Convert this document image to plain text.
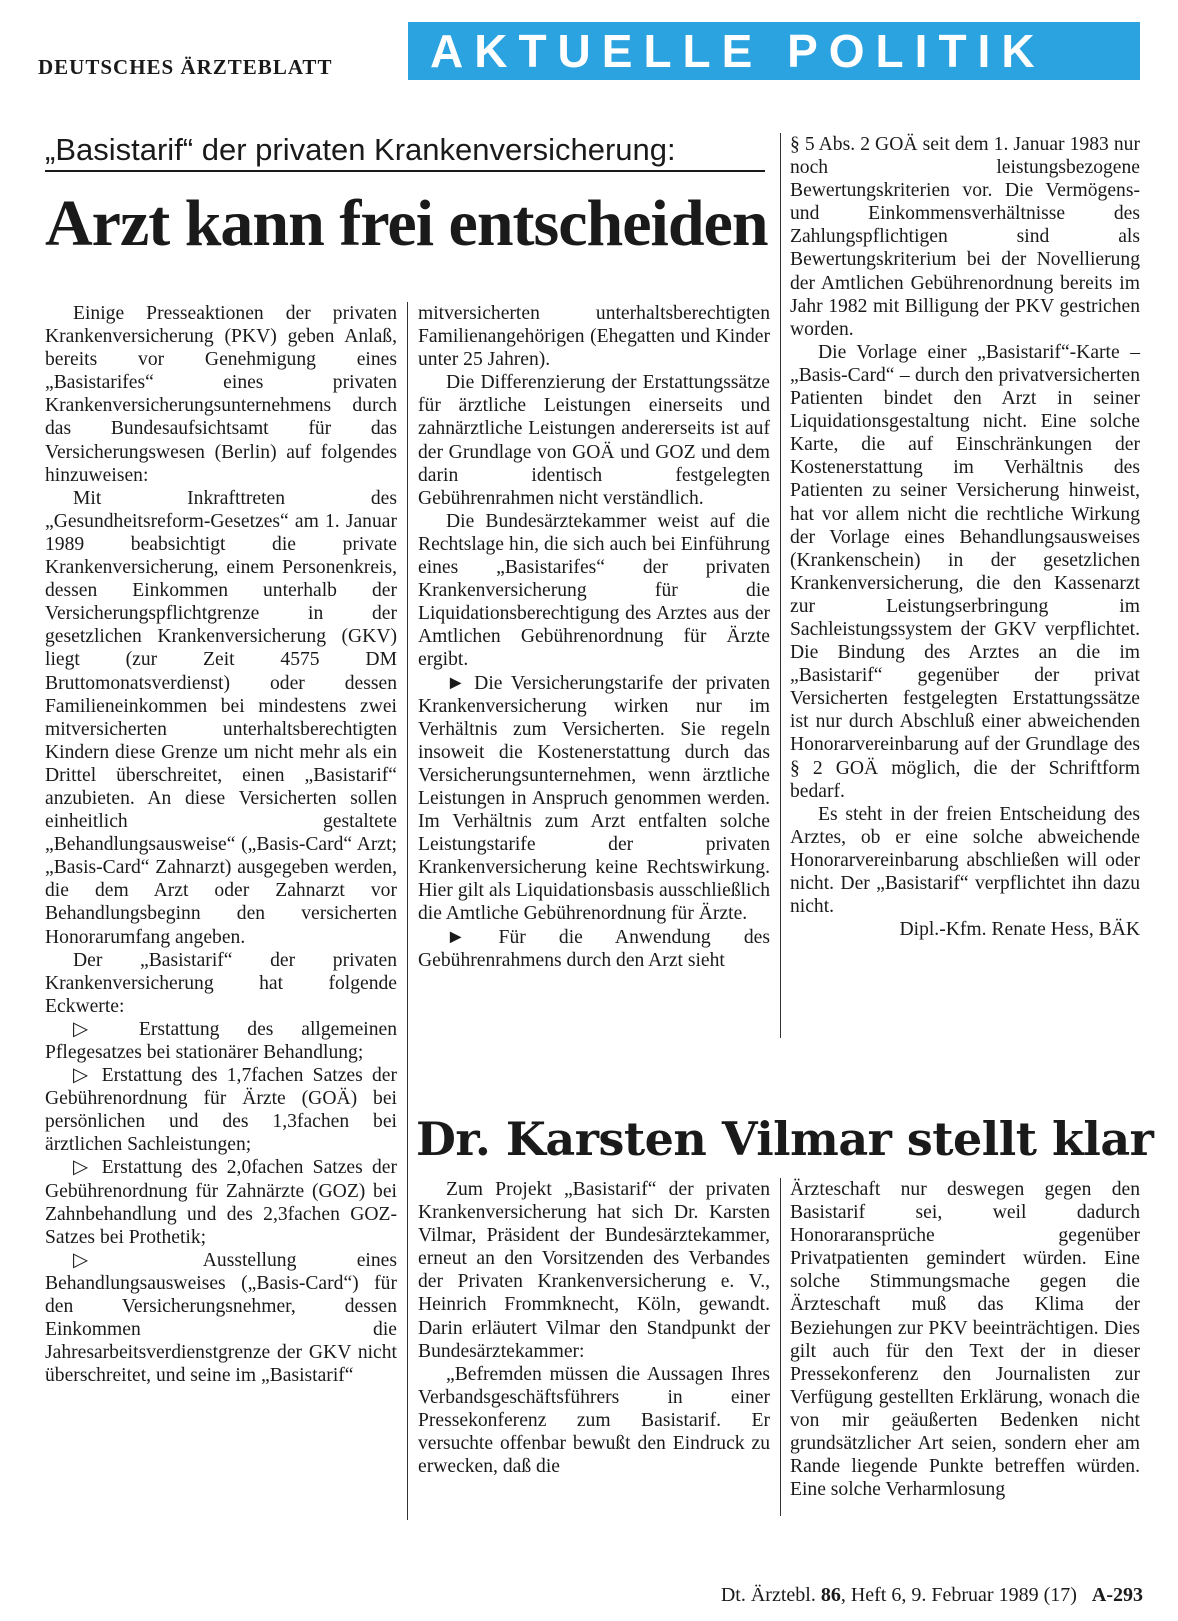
DEUTSCHES ÄRZTEBLATT	AKTUELLE POLITIK
„Basistarif“ der privaten Krankenversicherung:
Arzt kann frei entscheiden

Einige Presseaktionen der privaten Krankenversicherung (PKV) geben Anlaß, bereits vor Genehmigung eines „Basistarifes“ eines privaten Krankenversicherungsunternehmens durch das Bundesaufsichtsamt für das Versicherungswesen (Berlin) auf folgendes hinzuweisen:

Mit Inkrafttreten des „Gesundheitsreform-Gesetzes“ am 1. Januar 1989 beabsichtigt die private Krankenversicherung, einem Personenkreis, dessen Einkommen unterhalb der Versicherungspflichtgrenze in der gesetzlichen Krankenversicherung (GKV) liegt (zur Zeit 4575 DM Bruttomonatsverdienst) oder dessen Familieneinkommen bei mindestens zwei mitversicherten unterhaltsberechtigten Kindern diese Grenze um nicht mehr als ein Drittel überschreitet, einen „Basistarif“ anzubieten. An diese Versicherten sollen einheitlich gestaltete „Behandlungsausweise“ („Basis-Card“ Arzt; „Basis-Card“ Zahnarzt) ausgegeben werden, die dem Arzt oder Zahnarzt vor Behandlungsbeginn den versicherten Honorarumfang angeben.

Der „Basistarif“ der privaten Krankenversicherung hat folgende Eckwerte:

▷ Erstattung des allgemeinen Pflegesatzes bei stationärer Behandlung;

▷ Erstattung des 1,7fachen Satzes der Gebührenordnung für Ärzte (GOÄ) bei persönlichen und des 1,3fachen bei ärztlichen Sachleistungen;

▷ Erstattung des 2,0fachen Satzes der Gebührenordnung für Zahnärzte (GOZ) bei Zahnbehandlung und des 2,3fachen GOZ-Satzes bei Prothetik;

▷ Ausstellung eines Behandlungsausweises („Basis-Card“) für den Versicherungsnehmer, dessen Einkommen die Jahresarbeitsverdienstgrenze der GKV nicht überschreitet, und seine im „Basistarif“

mitversicherten unterhaltsberechtigten Familienangehörigen (Ehegatten und Kinder unter 25 Jahren).

Die Differenzierung der Erstattungssätze für ärztliche Leistungen einerseits und zahnärztliche Leistungen andererseits ist auf der Grundlage von GOÄ und GOZ und dem darin identisch festgelegten Gebührenrahmen nicht verständlich.

Die Bundesärztekammer weist auf die Rechtslage hin, die sich auch bei Einführung eines „Basistarifes“ der privaten Krankenversicherung für die Liquidationsberechtigung des Arztes aus der Amtlichen Gebührenordnung für Ärzte ergibt.

► Die Versicherungstarife der privaten Krankenversicherung wirken nur im Verhältnis zum Versicherten. Sie regeln insoweit die Kostenerstattung durch das Versicherungsunternehmen, wenn ärztliche Leistungen in Anspruch genommen werden. Im Verhältnis zum Arzt entfalten solche Leistungstarife der privaten Krankenversicherung keine Rechtswirkung. Hier gilt als Liquidationsbasis ausschließlich die Amtliche Gebührenordnung für Ärzte.

► Für die Anwendung des Gebührenrahmens durch den Arzt sieht

§ 5 Abs. 2 GOÄ seit dem 1. Januar 1983 nur noch leistungsbezogene Bewertungskriterien vor. Die Vermögens- und Einkommensverhältnisse des Zahlungspflichtigen sind als Bewertungskriterium bei der Novellierung der Amtlichen Gebührenordnung bereits im Jahr 1982 mit Billigung der PKV gestrichen worden.

Die Vorlage einer „Basistarif“-Karte – „Basis-Card“ – durch den privatversicherten Patienten bindet den Arzt in seiner Liquidationsgestaltung nicht. Eine solche Karte, die auf Einschränkungen der Kostenerstattung im Verhältnis des Patienten zu seiner Versicherung hinweist, hat vor allem nicht die rechtliche Wirkung der Vorlage eines Behandlungsausweises (Krankenschein) in der gesetzlichen Krankenversicherung, die den Kassenarzt zur Leistungserbringung im Sachleistungssystem der GKV verpflichtet. Die Bindung des Arztes an die im „Basistarif“ gegenüber der privat Versicherten festgelegten Erstattungssätze ist nur durch Abschluß einer abweichenden Honorarvereinbarung auf der Grundlage des § 2 GOÄ möglich, die der Schriftform bedarf.

Es steht in der freien Entscheidung des Arztes, ob er eine solche abweichende Honorarvereinbarung abschließen will oder nicht. Der „Basistarif“ verpflichtet ihn dazu nicht.

Dipl.-Kfm. Renate Hess, BÄK

Dr. Karsten Vilmar stellt klar

Zum Projekt „Basistarif“ der privaten Krankenversicherung hat sich Dr. Karsten Vilmar, Präsident der Bundesärztekammer, erneut an den Vorsitzenden des Verbandes der Privaten Krankenversicherung e. V., Heinrich Frommknecht, Köln, gewandt. Darin erläutert Vilmar den Standpunkt der Bundesärztekammer:

„Befremden müssen die Aussagen Ihres Verbandsgeschäftsführers in einer Pressekonferenz zum Basistarif. Er versuchte offenbar bewußt den Eindruck zu erwecken, daß die

Ärzteschaft nur deswegen gegen den Basistarif sei, weil dadurch Honoraransprüche gegenüber Privatpatienten gemindert würden. Eine solche Stimmungsmache gegen die Ärzteschaft muß das Klima der Beziehungen zur PKV beeinträchtigen. Dies gilt auch für den Text der in dieser Pressekonferenz den Journalisten zur Verfügung gestellten Erklärung, wonach die von mir geäußerten Bedenken nicht grundsätzlicher Art seien, sondern eher am Rande liegende Punkte betreffen würden. Eine solche Verharmlosung

Dt. Ärztebl. 86, Heft 6, 9. Februar 1989 (17) A-293
